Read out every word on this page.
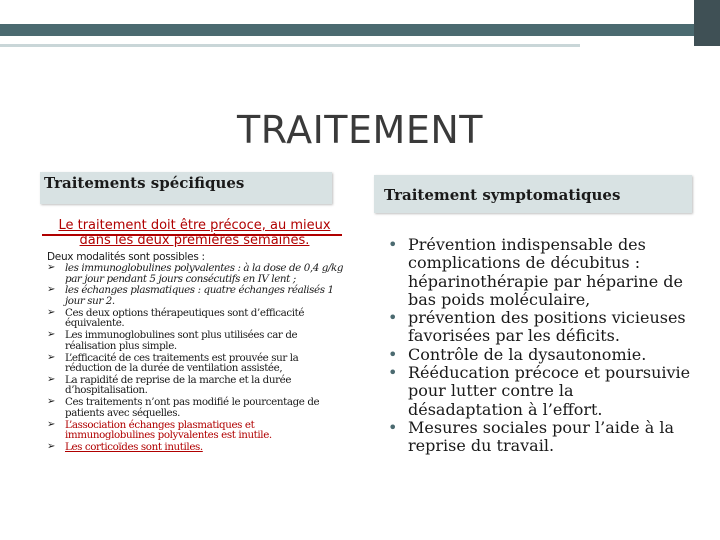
TRAITEMENT
Traitements spécifiques
Traitement symptomatiques
Le traitement doit être précoce, au mieux dans les deux premières semaines.
Deux modalités sont possibles :
➢ les immunoglobulines polyvalentes : à la dose de 0,4 g/kg par jour pendant 5 jours consécutifs en IV lent ;
➢ les échanges plasmatiques : quatre échanges réalisés 1 jour sur 2.
➢ Ces deux options thérapeutiques sont d’efficacité équivalente.
➢ Les immunoglobulines sont plus utilisées car de réalisation plus simple.
➢ L’efficacité de ces traitements est prouvée sur la réduction de la durée de ventilation assistée,
➢ La rapidité de reprise de la marche et la durée d’hospitalisation.
➢ Ces traitements n’ont pas modifié le pourcentage de patients avec séquelles.
➢ L’association échanges plasmatiques et immunoglobulines polyvalentes est inutile.
➢ Les corticoïdes sont inutiles.
• Prévention indispensable des complications de décubitus : héparinothérapie par héparine de bas poids moléculaire,
• prévention des positions vicieuses favorisées par les déficits.
• Contrôle de la dysautonomie.
• Rééducation précoce et poursuivie pour lutter contre la désadaptation à l’effort.
• Mesures sociales pour l’aide à la reprise du travail.
